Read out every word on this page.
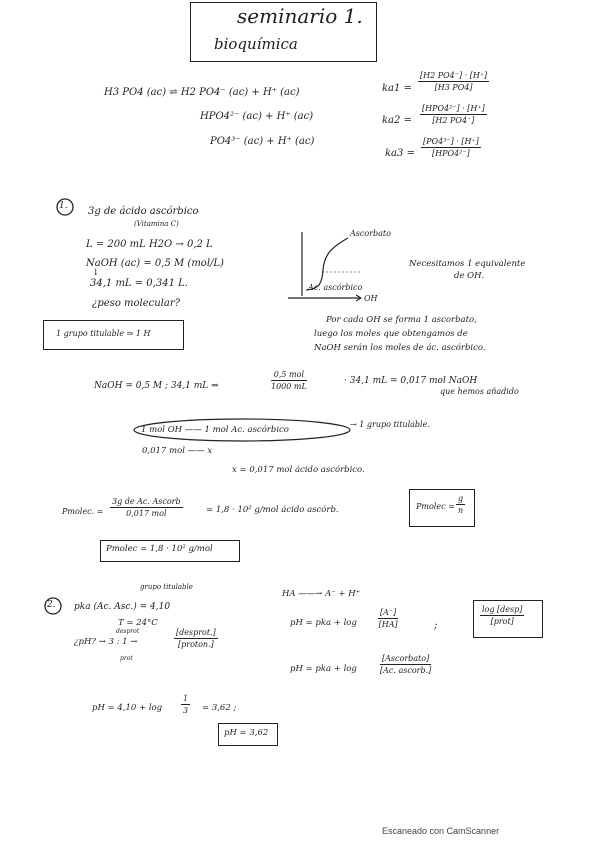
seminario 1.
bioquímica
H3 PO4 (ac) ⇌ H2 PO4⁻ (ac) + H⁺ (ac)
HPO4²⁻ (ac) + H⁺ (ac)
PO4³⁻ (ac) + H⁺ (ac)
$ka1 = \frac{[H2 PO4^-] \cdot [H^+]}{[H3 PO4]}$
ka2 =
[HPO4²⁻] · [H⁺]
[H2 PO4⁻]
ka3 =
[PO4³⁻] · [H⁺]
[HPO4²⁻]
1. 3g de ácido ascórbico
(Vitamina C)
L = 200 mL H2O → 0,2 L
NaOH (ac) = 0,5 M (mol/L)
↓
34,1 mL = 0,341 L.
¿peso molecular?
1 grupo titulable ⇒ 1 H
Ascorbato
Ac. ascórbico
OH
Necesitamos 1 equivalente
de OH.
Por cada OH se forma 1 ascorbato,
luego los moles que obtengamos de
NaOH serán los moles de ác. ascórbico.
NaOH = 0,5 M ; 34,1 mL ⇒
0,5 mol
1000 mL
· 34,1 mL = 0,017 mol NaOH
que hemos añadido
1 mol OH —— 1 mol Ac. ascórbico
→ 1 grupo titulable.
0,017 mol —— x
x = 0,017 mol ácido ascórbico.
Pmolec. =
3g de Ac. Ascorb
0,017 mol	= 1,8 · 10² g/mol ácido ascórb.	Pmolec = $\frac{g}{n}$
Pmolec = 1,8 · 10² g/mol
2.
grupo titulable
pka (Ac. Asc.) = 4,10
T = 24°C
desprot
¿pH? → 3 : 1 →
prot
[desprot.]
[proton.]
HA ——→ A⁻ + H⁺
pH = pka + log	$\frac{[A^-]}{[HA]}$	;
log [desp]
[prot]
pH = pka + log
[Ascorbato]
[Ac. ascorb.]
pH = $4,10 + \log \frac{1}{3} = 3,62$ ;
pH = 3,62
Escaneado con CamScanner
